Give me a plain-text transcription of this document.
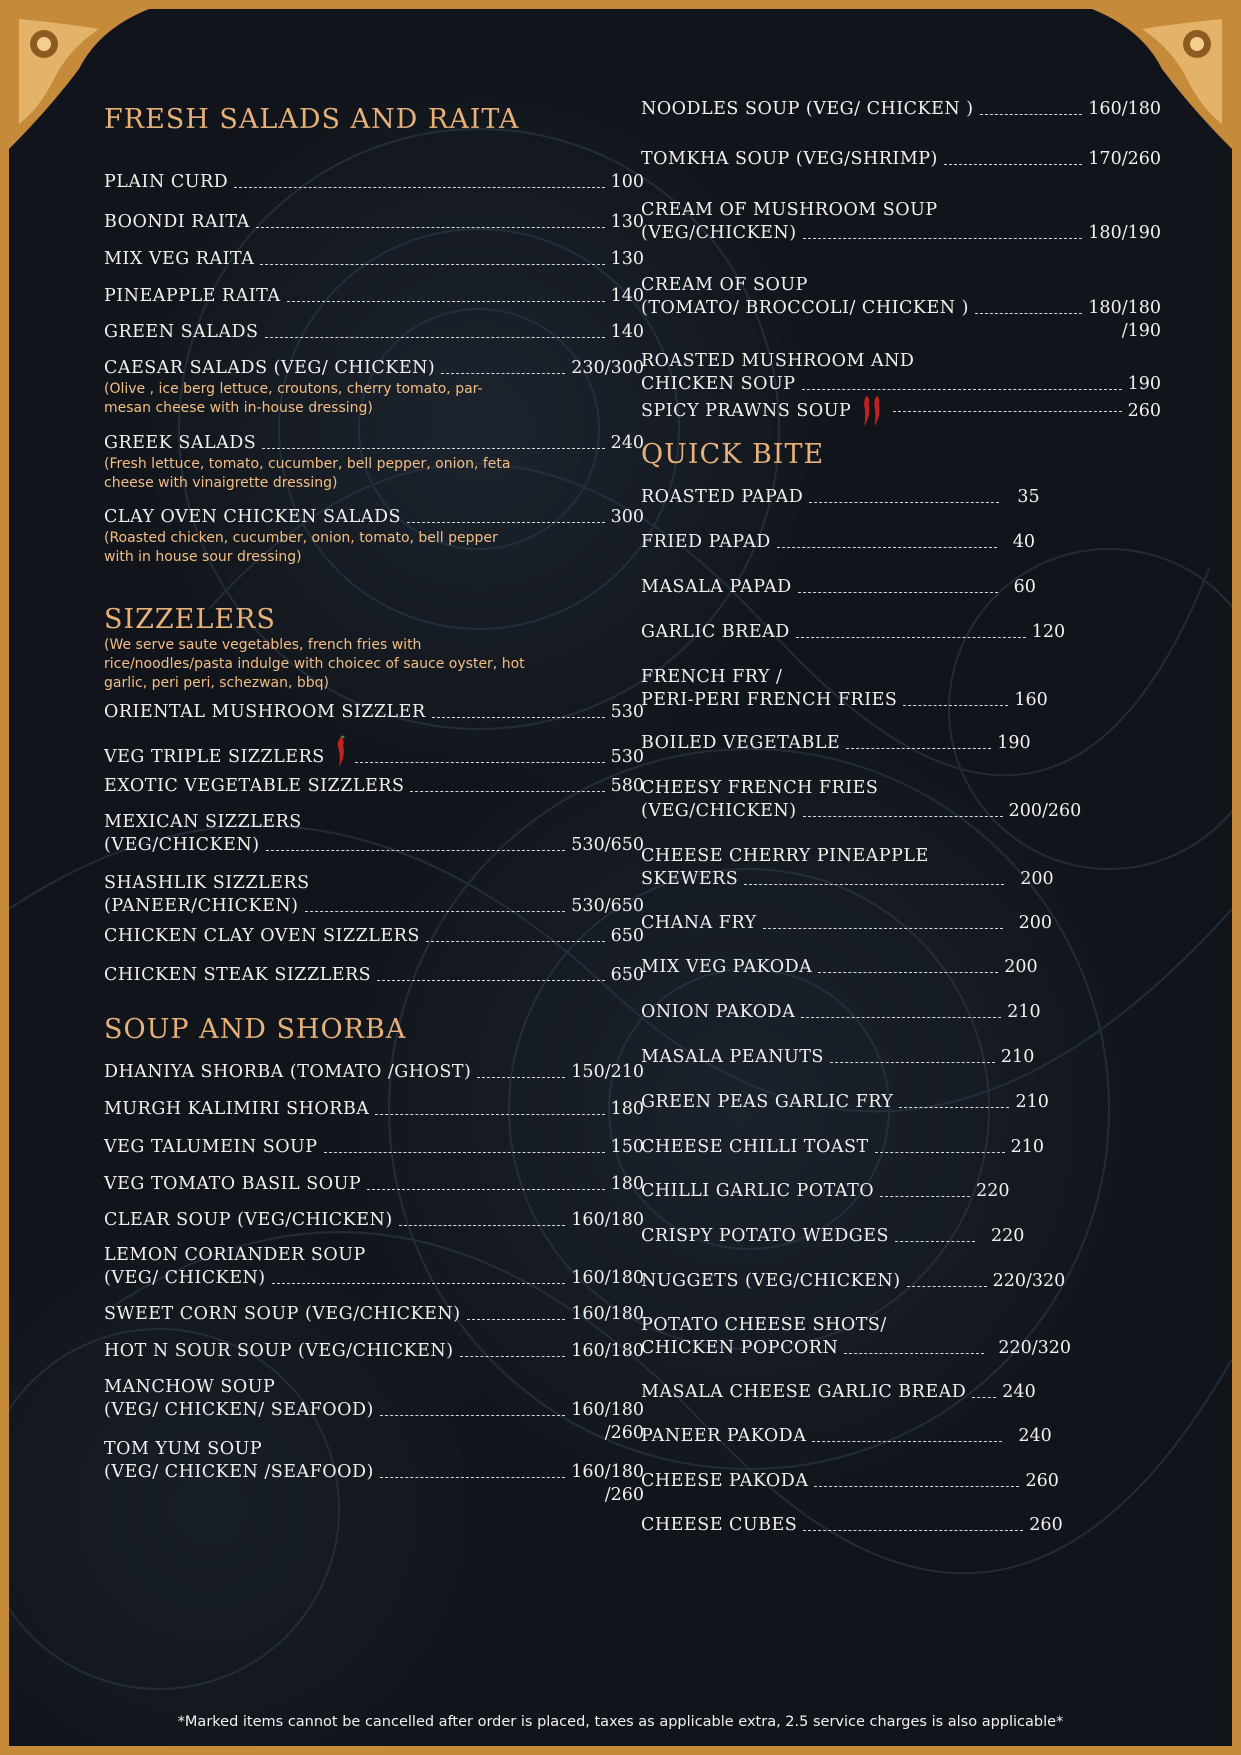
FRESH SALADS AND RAITA
PLAIN CURD	100
BOONDI RAITA	130
MIX VEG RAITA	130
PINEAPPLE RAITA	140
GREEN SALADS	140
CAESAR SALADS (VEG/ CHICKEN)	230/300
(Olive , ice berg lettuce, croutons, cherry tomato, par-mesan cheese with in-house dressing)
GREEK SALADS	240
(Fresh lettuce, tomato, cucumber, bell pepper, onion, feta cheese with vinaigrette dressing)
CLAY OVEN CHICKEN SALADS	300
(Roasted chicken, cucumber, onion, tomato, bell pepper with in house sour dressing)
SIZZELERS
(We serve saute vegetables, french fries with rice/noodles/pasta indulge with choicec of sauce oyster, hot garlic, peri peri, schezwan, bbq)
ORIENTAL MUSHROOM SIZZLER	530
VEG TRIPLE SIZZLERS	530
EXOTIC VEGETABLE SIZZLERS	580
MEXICAN SIZZLERS
(VEG/CHICKEN)	530/650
SHASHLIK SIZZLERS
(PANEER/CHICKEN)	530/650
CHICKEN CLAY OVEN SIZZLERS	650
CHICKEN STEAK SIZZLERS	650
SOUP AND SHORBA
DHANIYA SHORBA (TOMATO /GHOST)	150/210
MURGH KALIMIRI SHORBA	180
VEG TALUMEIN SOUP	150
VEG TOMATO BASIL SOUP	180
CLEAR SOUP (VEG/CHICKEN)	160/180
LEMON CORIANDER SOUP
(VEG/ CHICKEN)	160/180
SWEET CORN SOUP (VEG/CHICKEN)	160/180
HOT N SOUR SOUP (VEG/CHICKEN)	160/180
MANCHOW SOUP
(VEG/ CHICKEN/ SEAFOOD)	160/180
/260
TOM YUM SOUP
(VEG/ CHICKEN /SEAFOOD)	160/180
/260
NOODLES SOUP (VEG/ CHICKEN )	160/180
TOMKHA SOUP (VEG/SHRIMP)	170/260
CREAM OF MUSHROOM SOUP
(VEG/CHICKEN)	180/190
CREAM OF SOUP
(TOMATO/ BROCCOLI/ CHICKEN )	180/180
/190
ROASTED MUSHROOM AND
CHICKEN SOUP	190
SPICY PRAWNS SOUP	260
QUICK BITE
ROASTED PAPAD	35
FRIED PAPAD	40
MASALA PAPAD	60
GARLIC BREAD	120
FRENCH FRY /
PERI-PERI FRENCH FRIES	160
BOILED VEGETABLE	190
CHEESY FRENCH FRIES
(VEG/CHICKEN)	200/260
CHEESE CHERRY PINEAPPLE
SKEWERS	200
CHANA FRY	200
MIX VEG PAKODA	200
ONION PAKODA	210
MASALA PEANUTS	210
GREEN PEAS GARLIC FRY	210
CHEESE CHILLI TOAST	210
CHILLI GARLIC POTATO	220
CRISPY POTATO WEDGES	220
NUGGETS (VEG/CHICKEN)	220/320
POTATO CHEESE SHOTS/
CHICKEN POPCORN	220/320
MASALA CHEESE GARLIC BREAD 240
PANEER PAKODA	240
CHEESE PAKODA	260
CHEESE CUBES	260
*Marked items cannot be cancelled after order is placed, taxes as applicable extra, 2.5 service charges is also applicable*
